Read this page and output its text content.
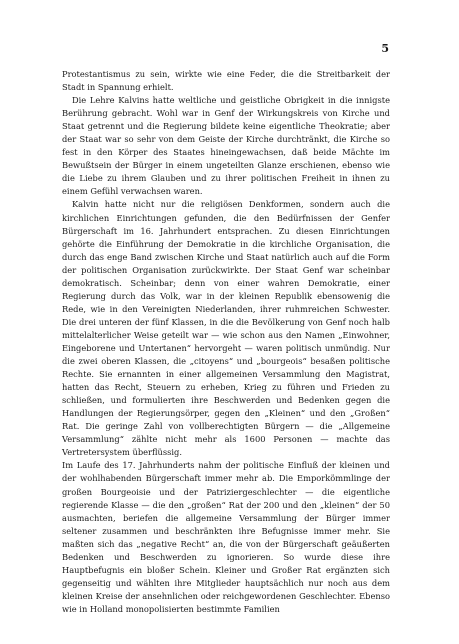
5

Protestantismus zu sein, wirkte wie eine Feder, die die Streitbarkeit der Stadt in Spannung erhielt.

Die Lehre Kalvins hatte weltliche und geistliche Obrigkeit in die innigste Berührung gebracht. Wohl war in Genf der Wirkungskreis von Kirche und Staat getrennt und die Regierung bildete keine eigentliche Theokratie; aber der Staat war so sehr von dem Geiste der Kirche durchtränkt, die Kirche so fest in den Körper des Staates hineingewachsen, daß beide Mächte im Bewußtsein der Bürger in einem ungeteilten Glanze erschienen, ebenso wie die Liebe zu ihrem Glauben und zu ihrer politischen Freiheit in ihnen zu einem Gefühl verwachsen waren.

Kalvin hatte nicht nur die religiösen Denkformen, sondern auch die kirchlichen Einrichtungen gefunden, die den Bedürfnissen der Genfer Bürgerschaft im 16. Jahrhundert entsprachen. Zu diesen Einrichtungen gehörte die Einführung der Demokratie in die kirchliche Organisation, die durch das enge Band zwischen Kirche und Staat natürlich auch auf die Form der politischen Organisation zurückwirkte. Der Staat Genf war scheinbar demokratisch. Scheinbar; denn von einer wahren Demokratie, einer Regierung durch das Volk, war in der kleinen Republik ebensowenig die Rede, wie in den Vereinigten Niederlanden, ihrer ruhmreichen Schwester. Die drei unteren der fünf Klassen, in die die Bevölkerung von Genf noch halb mittelalterlicher Weise geteilt war — wie schon aus den Namen „Einwohner, Eingeborene und Untertanen“ hervorgeht — waren politisch unmündig. Nur die zwei oberen Klassen, die „citoyens“ und „bourgeois“ besaßen politische Rechte. Sie ernannten in einer allgemeinen Versammlung den Magistrat, hatten das Recht, Steuern zu erheben, Krieg zu führen und Frieden zu schließen, und formulierten ihre Beschwerden und Bedenken gegen die Handlungen der Regierungsörper, gegen den „Kleinen“ und den „Großen“ Rat. Die geringe Zahl von vollberechtigten Bürgern — die „Allgemeine Versammlung“ zählte nicht mehr als 1600 Personen — machte das Vertretersystem überflüssig.

Im Laufe des 17. Jahrhunderts nahm der politische Einfluß der kleinen und der wohlhabenden Bürgerschaft immer mehr ab. Die Emporkömmlinge der großen Bourgeoisie und der Patriziergeschlechter — die eigentliche regierende Klasse — die den „großen“ Rat der 200 und den „kleinen“ der 50 ausmachten, beriefen die allgemeine Versammlung der Bürger immer seltener zusammen und beschränkten ihre Befugnisse immer mehr. Sie maßten sich das „negative Recht“ an, die von der Bürgerschaft geäußerten Bedenken und Beschwerden zu ignorieren. So wurde diese ihre Hauptbefugnis ein bloßer Schein. Kleiner und Großer Rat ergänzten sich gegenseitig und wählten ihre Mitglieder hauptsächlich nur noch aus dem kleinen Kreise der ansehnlichen oder reichgewordenen Geschlechter. Ebenso wie in Holland monopolisierten bestimmte Familien
